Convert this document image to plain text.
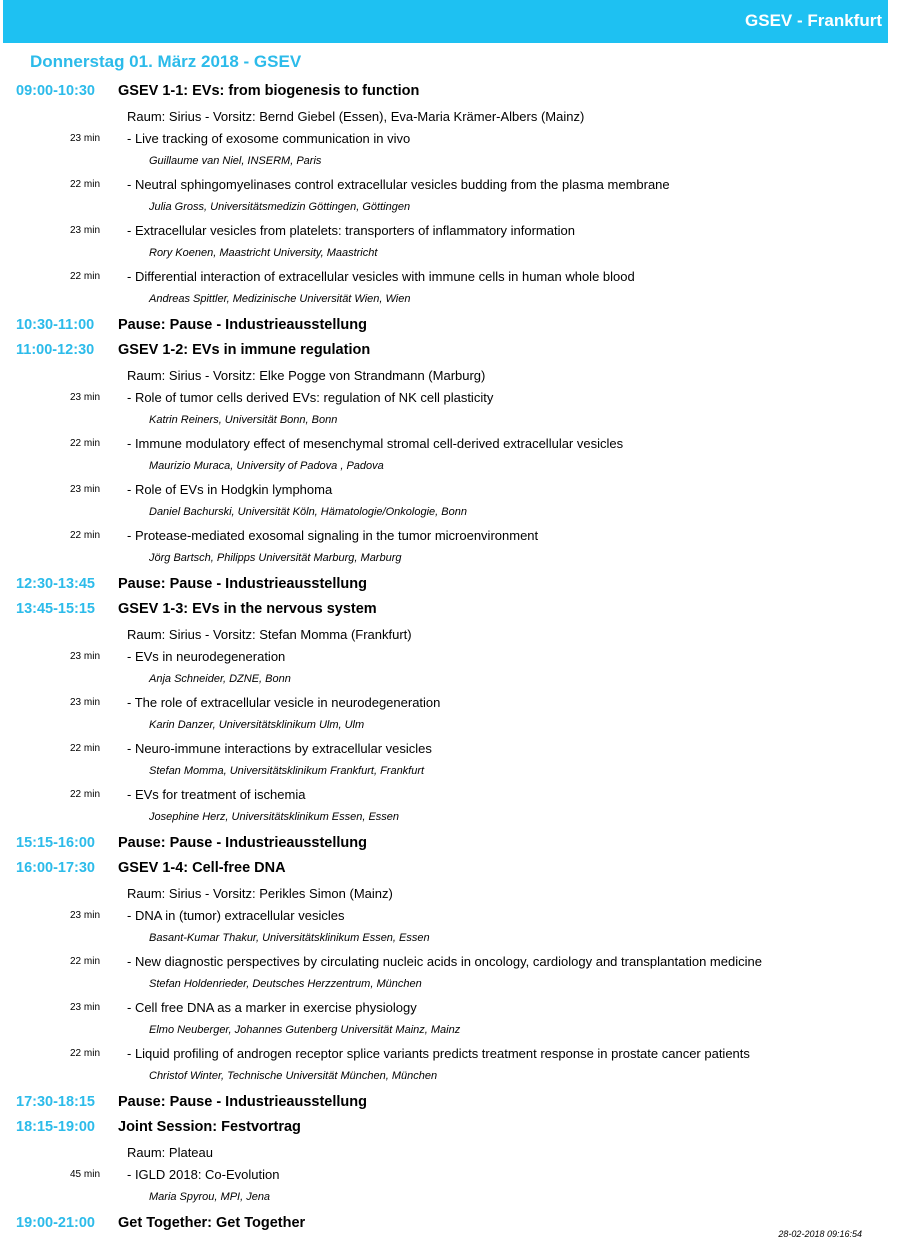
GSEV - Frankfurt
Donnerstag 01. März 2018 - GSEV
09:00-10:30 GSEV 1-1: EVs: from biogenesis to function
Raum: Sirius - Vorsitz: Bernd Giebel (Essen), Eva-Maria Krämer-Albers (Mainz)
23 min - Live tracking of exosome communication in vivo
Guillaume van Niel, INSERM, Paris
22 min - Neutral sphingomyelinases control extracellular vesicles budding from the plasma membrane
Julia Gross, Universitätsmedizin Göttingen, Göttingen
23 min - Extracellular vesicles from platelets: transporters of inflammatory information
Rory Koenen, Maastricht University, Maastricht
22 min - Differential interaction of extracellular vesicles with immune cells in human whole blood
Andreas Spittler, Medizinische Universität Wien, Wien
10:30-11:00 Pause: Pause - Industrieausstellung
11:00-12:30 GSEV 1-2: EVs in immune regulation
Raum: Sirius - Vorsitz: Elke Pogge von Strandmann (Marburg)
23 min - Role of tumor cells derived EVs: regulation of NK cell plasticity
Katrin Reiners, Universität Bonn, Bonn
22 min - Immune modulatory effect of mesenchymal stromal cell-derived extracellular vesicles
Maurizio Muraca, University of Padova , Padova
23 min - Role of EVs in Hodgkin lymphoma
Daniel Bachurski, Universität Köln, Hämatologie/Onkologie, Bonn
22 min - Protease-mediated exosomal signaling in the tumor microenvironment
Jörg Bartsch, Philipps Universität Marburg, Marburg
12:30-13:45 Pause: Pause - Industrieausstellung
13:45-15:15 GSEV 1-3: EVs in the nervous system
Raum: Sirius - Vorsitz: Stefan Momma (Frankfurt)
23 min - EVs in neurodegeneration
Anja Schneider, DZNE, Bonn
23 min - The role of extracellular vesicle in neurodegeneration
Karin Danzer, Universitätsklinikum Ulm, Ulm
22 min - Neuro-immune interactions by extracellular vesicles
Stefan Momma, Universitätsklinikum Frankfurt, Frankfurt
22 min - EVs for treatment of ischemia
Josephine Herz, Universitätsklinikum Essen, Essen
15:15-16:00 Pause: Pause - Industrieausstellung
16:00-17:30 GSEV 1-4: Cell-free DNA
Raum: Sirius - Vorsitz: Perikles Simon (Mainz)
23 min - DNA in (tumor) extracellular vesicles
Basant-Kumar Thakur, Universitätsklinikum Essen, Essen
22 min - New diagnostic perspectives by circulating nucleic acids in oncology, cardiology and transplantation medicine
Stefan Holdenrieder, Deutsches Herzzentrum, München
23 min - Cell free DNA as a marker in exercise physiology
Elmo Neuberger, Johannes Gutenberg Universität Mainz, Mainz
22 min - Liquid profiling of androgen receptor splice variants predicts treatment response in prostate cancer patients
Christof Winter, Technische Universität München, München
17:30-18:15 Pause: Pause - Industrieausstellung
18:15-19:00 Joint Session: Festvortrag
Raum: Plateau
45 min - IGLD 2018: Co-Evolution
Maria Spyrou, MPI, Jena
19:00-21:00 Get Together: Get Together
28-02-2018 09:16:54
